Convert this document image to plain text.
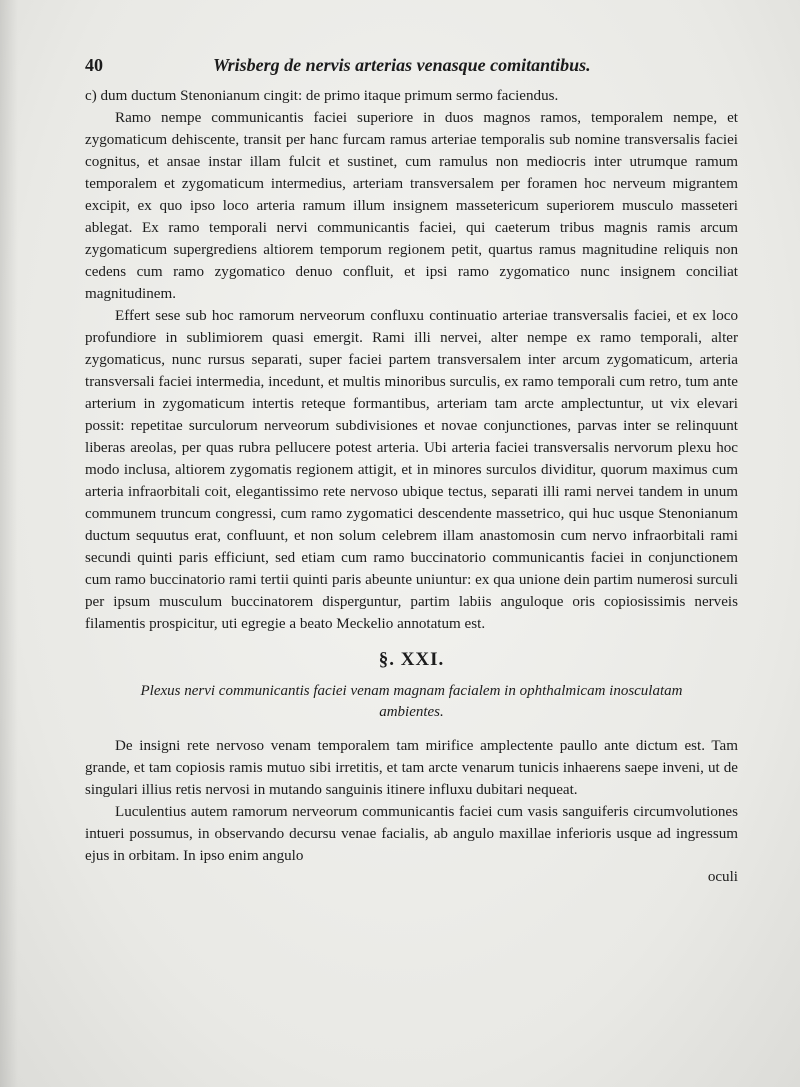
40	Wrisberg de nervis arterias venasque comitantibus.

c) dum ductum Stenonianum cingit: de primo itaque primum sermo faciendus.

Ramo nempe communicantis faciei superiore in duos magnos ramos, temporalem nempe, et zygomaticum dehiscente, transit per hanc furcam ramus arteriae temporalis sub nomine transversalis faciei cognitus, et ansae instar illam fulcit et sustinet, cum ramulus non mediocris inter utrumque ramum temporalem et zygomaticum intermedius, arteriam transversalem per foramen hoc nerveum migrantem excipit, ex quo ipso loco arteria ramum illum insignem massetericum superiorem musculo masseteri ablegat. Ex ramo temporali nervi communicantis faciei, qui caeterum tribus magnis ramis arcum zygomaticum supergrediens altiorem temporum regionem petit, quartus ramus magnitudine reliquis non cedens cum ramo zygomatico denuo confluit, et ipsi ramo zygomatico nunc insignem conciliat magnitudinem.

Effert sese sub hoc ramorum nerveorum confluxu continuatio arteriae transversalis faciei, et ex loco profundiore in sublimiorem quasi emergit. Rami illi nervei, alter nempe ex ramo temporali, alter zygomaticus, nunc rursus separati, super faciei partem transversalem inter arcum zygomaticum, arteria transversali faciei intermedia, incedunt, et multis minoribus surculis, ex ramo temporali cum retro, tum ante arterium in zygomaticum intertis reteque formantibus, arteriam tam arcte amplectuntur, ut vix elevari possit: repetitae surculorum nerveorum subdivisiones et novae conjunctiones, parvas inter se relinquunt liberas areolas, per quas rubra pellucere potest arteria. Ubi arteria faciei transversalis nervorum plexu hoc modo inclusa, altiorem zygomatis regionem attigit, et in minores surculos dividitur, quorum maximus cum arteria infraorbitali coit, elegantissimo rete nervoso ubique tectus, separati illi rami nervei tandem in unum communem truncum congressi, cum ramo zygomatici descendente massetrico, qui huc usque Stenonianum ductum sequutus erat, confluunt, et non solum celebrem illam anastomosin cum nervo infraorbitali rami secundi quinti paris efficiunt, sed etiam cum ramo buccinatorio communicantis faciei in conjunctionem cum ramo buccinatorio rami tertii quinti paris abeunte uniuntur: ex qua unione dein partim numerosi surculi per ipsum musculum buccinatorem disperguntur, partim labiis anguloque oris copiosissimis nerveis filamentis prospicitur, uti egregie a beato Meckelio annotatum est.

§. XXI.
Plexus nervi communicantis faciei venam magnam facialem in ophthalmicam inosculatam ambientes.

De insigni rete nervoso venam temporalem tam mirifice amplectente paullo ante dictum est. Tam grande, et tam copiosis ramis mutuo sibi irretitis, et tam arcte venarum tunicis inhaerens saepe inveni, ut de singulari illius retis nervosi in mutando sanguinis itinere influxu dubitari nequeat.

Luculentius autem ramorum nerveorum communicantis faciei cum vasis sanguiferis circumvolutiones intueri possumus, in observando decursu venae facialis, ab angulo maxillae inferioris usque ad ingressum ejus in orbitam. In ipso enim angulo

oculi
